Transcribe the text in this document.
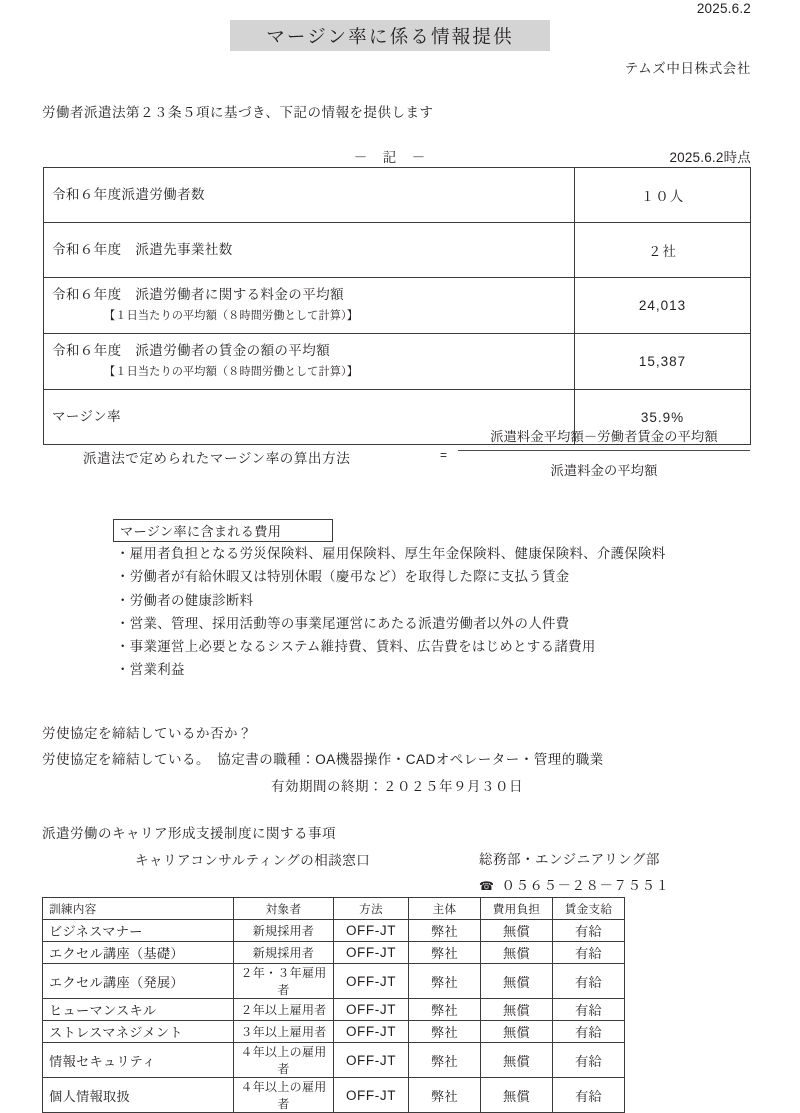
2025.6.2
マージン率に係る情報提供
テムズ中日株式会社
労働者派遣法第２３条５項に基づき、下記の情報を提供します
－　記　－	2025.6.2時点
令和６年度派遣労働者数	１０人
令和６年度　派遣先事業社数	２社
令和６年度　派遣労働者に関する料金の平均額
【１日当たりの平均額（８時間労働として計算）】	24,013
令和６年度　派遣労働者の賃金の額の平均額
【１日当たりの平均額（８時間労働として計算）】	15,387
マージン率	35.9%
派遣法で定められたマージン率の算出方法	=
派遣料金平均額－労働者賃金の平均額
派遣料金の平均額
マージン率に含まれる費用
・雇用者負担となる労災保険料、雇用保険料、厚生年金保険料、健康保険料、介護保険料
・労働者が有給休暇又は特別休暇（慶弔など）を取得した際に支払う賃金
・労働者の健康診断料
・営業、管理、採用活動等の事業尾運営にあたる派遣労働者以外の人件費
・事業運営上必要となるシステム維持費、賃料、広告費をはじめとする諸費用
・営業利益
労使協定を締結しているか否か？
労使協定を締結している。　協定書の職種：OA機器操作・CADオペレーター・管理的職業
有効期間の終期：２０２５年９月３０日
派遣労働のキャリア形成支援制度に関する事項
キャリアコンサルティングの相談窓口	総務部・エンジニアリング部
☎ ０５６５－２８－７５５１
訓練内容	対象者	方法	主体	費用負担	賃金支給
ビジネスマナー	新規採用者	OFF-JT	弊社	無償	有給
エクセル講座（基礎）	新規採用者	OFF-JT	弊社	無償	有給
エクセル講座（発展）	２年・３年雇用者	OFF-JT	弊社	無償	有給
ヒューマンスキル	２年以上雇用者	OFF-JT	弊社	無償	有給
ストレスマネジメント	３年以上雇用者	OFF-JT	弊社	無償	有給
情報セキュリティ	４年以上の雇用者	OFF-JT	弊社	無償	有給
個人情報取扱	４年以上の雇用者	OFF-JT	弊社	無償	有給
